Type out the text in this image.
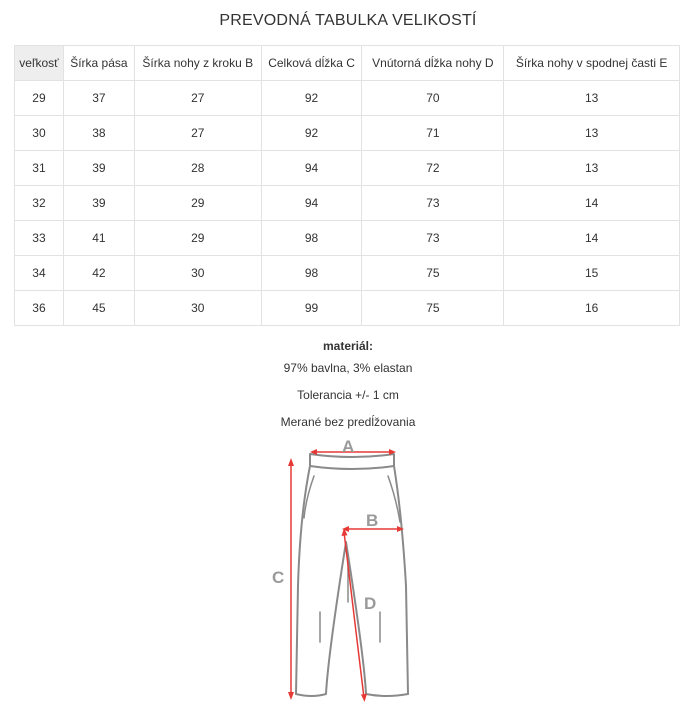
PREVODNÁ TABULKA VELIKOSTÍ
veľkosť	Šírka pása	Šírka nohy z kroku B	Celková dĺžka C	Vnútorná dĺžka nohy D	Šírka nohy v spodnej časti E
29	37	27	92	70	13
30	38	27	92	71	13
31	39	28	94	72	13
32	39	29	94	73	14
33	41	29	98	73	14
34	42	30	98	75	15
36	45	30	99	75	16
materiál:
97% bavlna, 3% elastan
Tolerancia +/- 1 cm
Merané bez predĺžovania
A
B
C
D
